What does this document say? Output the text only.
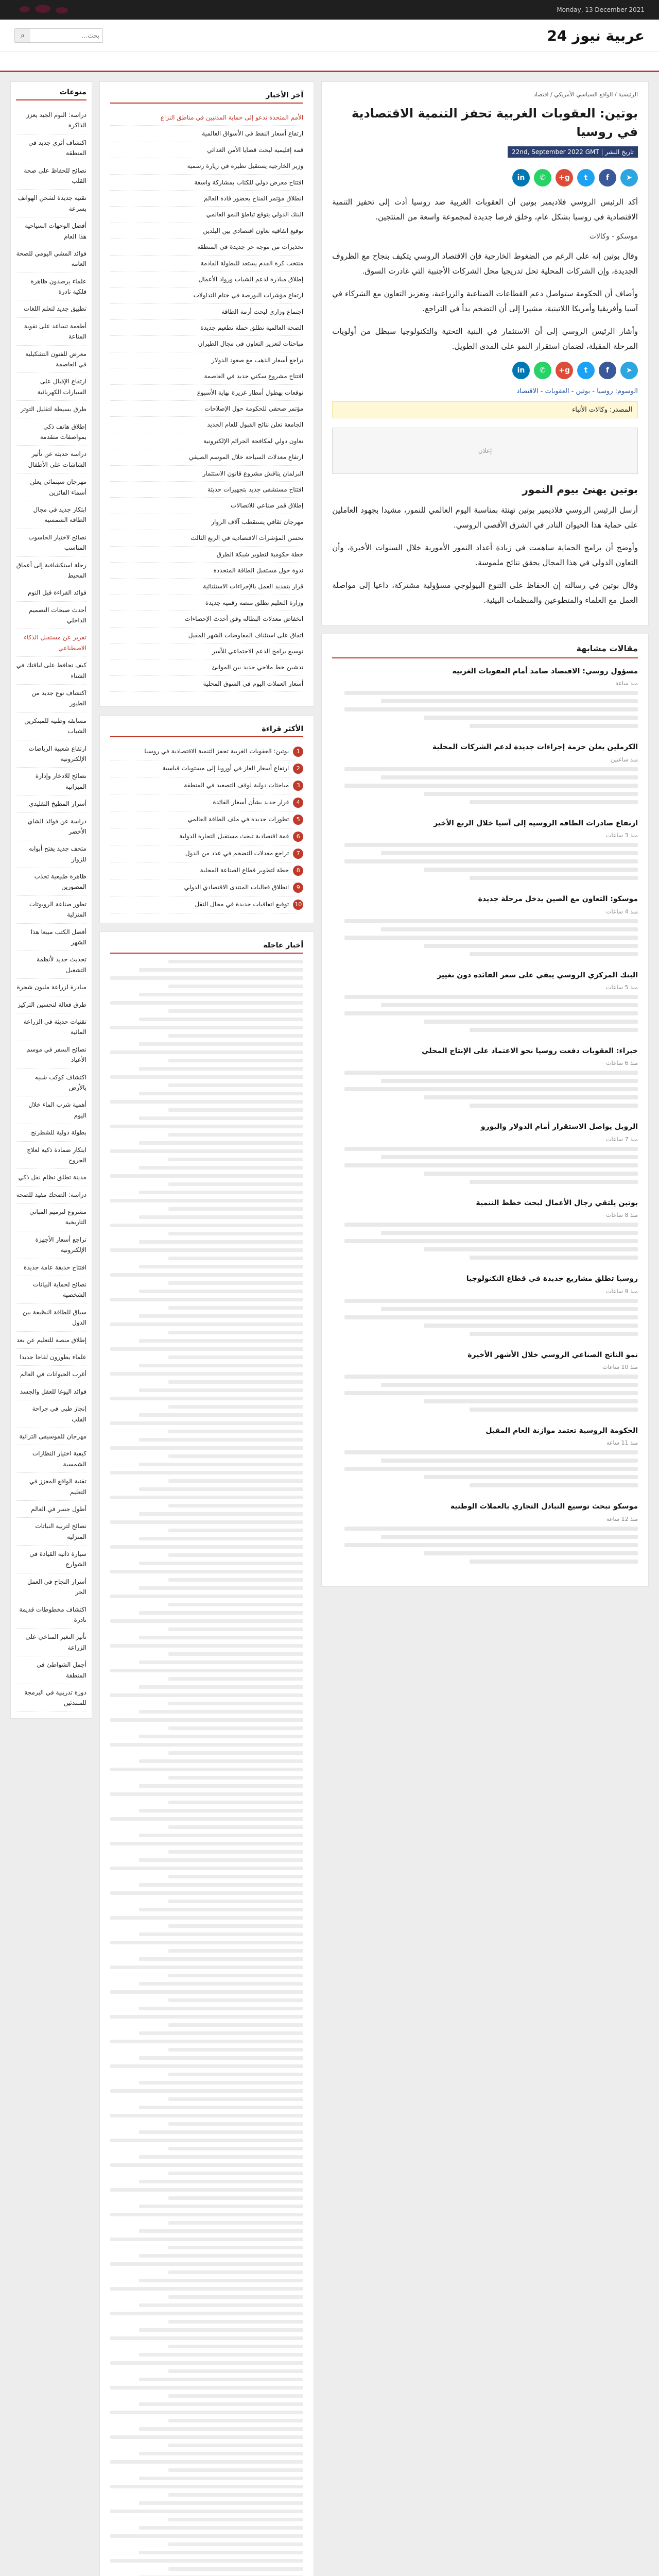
Monday, 13 December 2021
عربية نيوز 24
بحث...
⌕
الرئيسية / الواقع السياسي الأمريكي / اقتصاد
بوتين: العقوبات الغربية تحفز التنمية الاقتصادية في روسيا
22nd, September 2022 GMT | تاريخ النشر
➤
f
t
g+
✆
in

أكد الرئيس الروسي فلاديمير بوتين أن العقوبات الغربية ضد روسيا أدت إلى تحفيز التنمية الاقتصادية في روسيا بشكل عام، وخلق فرصا جديدة لمجموعة واسعة من المنتجين.

موسكو - وكالات

وقال بوتين إنه على الرغم من الضغوط الخارجية فإن الاقتصاد الروسي يتكيف بنجاح مع الظروف الجديدة، وإن الشركات المحلية تحل تدريجيا محل الشركات الأجنبية التي غادرت السوق.

وأضاف أن الحكومة ستواصل دعم القطاعات الصناعية والزراعية، وتعزيز التعاون مع الشركاء في آسيا وأفريقيا وأمريكا اللاتينية، مشيرا إلى أن التضخم بدأ في التراجع.

وأشار الرئيس الروسي إلى أن الاستثمار في البنية التحتية والتكنولوجيا سيظل من أولويات المرحلة المقبلة، لضمان استقرار النمو على المدى الطويل.

➤
f
t
g+
✆
in
الوسوم: روسيا - بوتين - العقوبات - الاقتصاد
المصدر: وكالات الأنباء
إعلان
بوتين يهنئ بيوم النمور

أرسل الرئيس الروسي فلاديمير بوتين تهنئة بمناسبة اليوم العالمي للنمور، مشيدا بجهود العاملين على حماية هذا الحيوان النادر في الشرق الأقصى الروسي.

وأوضح أن برامج الحماية ساهمت في زيادة أعداد النمور الأمورية خلال السنوات الأخيرة، وأن التعاون الدولي في هذا المجال يحقق نتائج ملموسة.

وقال بوتين في رسالته إن الحفاظ على التنوع البيولوجي مسؤولية مشتركة، داعيا إلى مواصلة العمل مع العلماء والمتطوعين والمنظمات البيئية.

مقالات مشابهة
مسؤول روسي: الاقتصاد صامد أمام العقوبات الغربية
منذ ساعة
الكرملين يعلن حزمة إجراءات جديدة لدعم الشركات المحلية
منذ ساعتين
ارتفاع صادرات الطاقة الروسية إلى آسيا خلال الربع الأخير
منذ 3 ساعات
موسكو: التعاون مع الصين يدخل مرحلة جديدة
منذ 4 ساعات
البنك المركزي الروسي يبقي على سعر الفائدة دون تغيير
منذ 5 ساعات
خبراء: العقوبات دفعت روسيا نحو الاعتماد على الإنتاج المحلي
منذ 6 ساعات
الروبل يواصل الاستقرار أمام الدولار واليورو
منذ 7 ساعات
بوتين يلتقي رجال الأعمال لبحث خطط التنمية
منذ 8 ساعات
روسيا تطلق مشاريع جديدة في قطاع التكنولوجيا
منذ 9 ساعات
نمو الناتج الصناعي الروسي خلال الأشهر الأخيرة
منذ 10 ساعات
الحكومة الروسية تعتمد موازنة العام المقبل
منذ 11 ساعة
موسكو تبحث توسيع التبادل التجاري بالعملات الوطنية
منذ 12 ساعة
آخر الأخبار
الأمم المتحدة تدعو إلى حماية المدنيين في مناطق النزاع
ارتفاع أسعار النفط في الأسواق العالمية
قمة إقليمية لبحث قضايا الأمن الغذائي
وزير الخارجية يستقبل نظيره في زيارة رسمية
افتتاح معرض دولي للكتاب بمشاركة واسعة
انطلاق مؤتمر المناخ بحضور قادة العالم
البنك الدولي يتوقع تباطؤ النمو العالمي
توقيع اتفاقية تعاون اقتصادي بين البلدين
تحذيرات من موجة حر جديدة في المنطقة
منتخب كرة القدم يستعد للبطولة القادمة
إطلاق مبادرة لدعم الشباب ورواد الأعمال
ارتفاع مؤشرات البورصة في ختام التداولات
اجتماع وزاري لبحث أزمة الطاقة
الصحة العالمية تطلق حملة تطعيم جديدة
مباحثات لتعزيز التعاون في مجال الطيران
تراجع أسعار الذهب مع صعود الدولار
افتتاح مشروع سكني جديد في العاصمة
توقعات بهطول أمطار غزيرة نهاية الأسبوع
مؤتمر صحفي للحكومة حول الإصلاحات
الجامعة تعلن نتائج القبول للعام الجديد
تعاون دولي لمكافحة الجرائم الإلكترونية
ارتفاع معدلات السياحة خلال الموسم الصيفي
البرلمان يناقش مشروع قانون الاستثمار
افتتاح مستشفى جديد بتجهيزات حديثة
إطلاق قمر صناعي للاتصالات
مهرجان ثقافي يستقطب آلاف الزوار
تحسن المؤشرات الاقتصادية في الربع الثالث
خطة حكومية لتطوير شبكة الطرق
ندوة حول مستقبل الطاقة المتجددة
قرار بتمديد العمل بالإجراءات الاستثنائية
وزارة التعليم تطلق منصة رقمية جديدة
انخفاض معدلات البطالة وفق أحدث الإحصاءات
اتفاق على استئناف المفاوضات الشهر المقبل
توسيع برامج الدعم الاجتماعي للأسر
تدشين خط ملاحي جديد بين الموانئ
أسعار العملات اليوم في السوق المحلية
الأكثر قراءة
1
بوتين: العقوبات الغربية تحفز التنمية الاقتصادية في روسيا
2
ارتفاع أسعار الغاز في أوروبا إلى مستويات قياسية
3
مباحثات دولية لوقف التصعيد في المنطقة
4
قرار جديد بشأن أسعار الفائدة
5
تطورات جديدة في ملف الطاقة العالمي
6
قمة اقتصادية تبحث مستقبل التجارة الدولية
7
تراجع معدلات التضخم في عدد من الدول
8
خطة لتطوير قطاع الصناعة المحلية
9
انطلاق فعاليات المنتدى الاقتصادي الدولي
10
توقيع اتفاقيات جديدة في مجال النقل
أخبار عاجلة
منوعات
دراسة: النوم الجيد يعزز الذاكرة
اكتشاف أثري جديد في المنطقة
نصائح للحفاظ على صحة القلب
تقنية جديدة لشحن الهواتف بسرعة
أفضل الوجهات السياحية هذا العام
فوائد المشي اليومي للصحة العامة
علماء يرصدون ظاهرة فلكية نادرة
تطبيق جديد لتعلم اللغات
أطعمة تساعد على تقوية المناعة
معرض للفنون التشكيلية في العاصمة
ارتفاع الإقبال على السيارات الكهربائية
طرق بسيطة لتقليل التوتر
إطلاق هاتف ذكي بمواصفات متقدمة
دراسة حديثة عن تأثير الشاشات على الأطفال
مهرجان سينمائي يعلن أسماء الفائزين
ابتكار جديد في مجال الطاقة الشمسية
نصائح لاختيار الحاسوب المناسب
رحلة استكشافية إلى أعماق المحيط
فوائد القراءة قبل النوم
أحدث صيحات التصميم الداخلي
تقرير عن مستقبل الذكاء الاصطناعي
كيف تحافظ على لياقتك في الشتاء
اكتشاف نوع جديد من الطيور
مسابقة وطنية للمبتكرين الشباب
ارتفاع شعبية الرياضات الإلكترونية
نصائح للادخار وإدارة الميزانية
أسرار المطبخ التقليدي
دراسة عن فوائد الشاي الأخضر
متحف جديد يفتح أبوابه للزوار
ظاهرة طبيعية تجذب المصورين
تطور صناعة الروبوتات المنزلية
أفضل الكتب مبيعا هذا الشهر
تحديث جديد لأنظمة التشغيل
مبادرة لزراعة مليون شجرة
طرق فعالة لتحسين التركيز
تقنيات حديثة في الزراعة المائية
نصائح السفر في موسم الأعياد
اكتشاف كوكب شبيه بالأرض
أهمية شرب الماء خلال اليوم
بطولة دولية للشطرنج
ابتكار ضمادة ذكية لعلاج الجروح
مدينة تطلق نظام نقل ذكي
دراسة: الضحك مفيد للصحة
مشروع لترميم المباني التاريخية
تراجع أسعار الأجهزة الإلكترونية
افتتاح حديقة عامة جديدة
نصائح لحماية البيانات الشخصية
سباق للطاقة النظيفة بين الدول
إطلاق منصة للتعليم عن بعد
علماء يطورون لقاحا جديدا
أغرب الحيوانات في العالم
فوائد اليوغا للعقل والجسد
إنجاز طبي في جراحة القلب
مهرجان للموسيقى التراثية
كيفية اختيار النظارات الشمسية
تقنية الواقع المعزز في التعليم
أطول جسر في العالم
نصائح لتربية النباتات المنزلية
سيارة ذاتية القيادة في الشوارع
أسرار النجاح في العمل الحر
اكتشاف مخطوطات قديمة نادرة
تأثير التغير المناخي على الزراعة
أجمل الشواطئ في المنطقة
دورة تدريبية في البرمجة للمبتدئين
